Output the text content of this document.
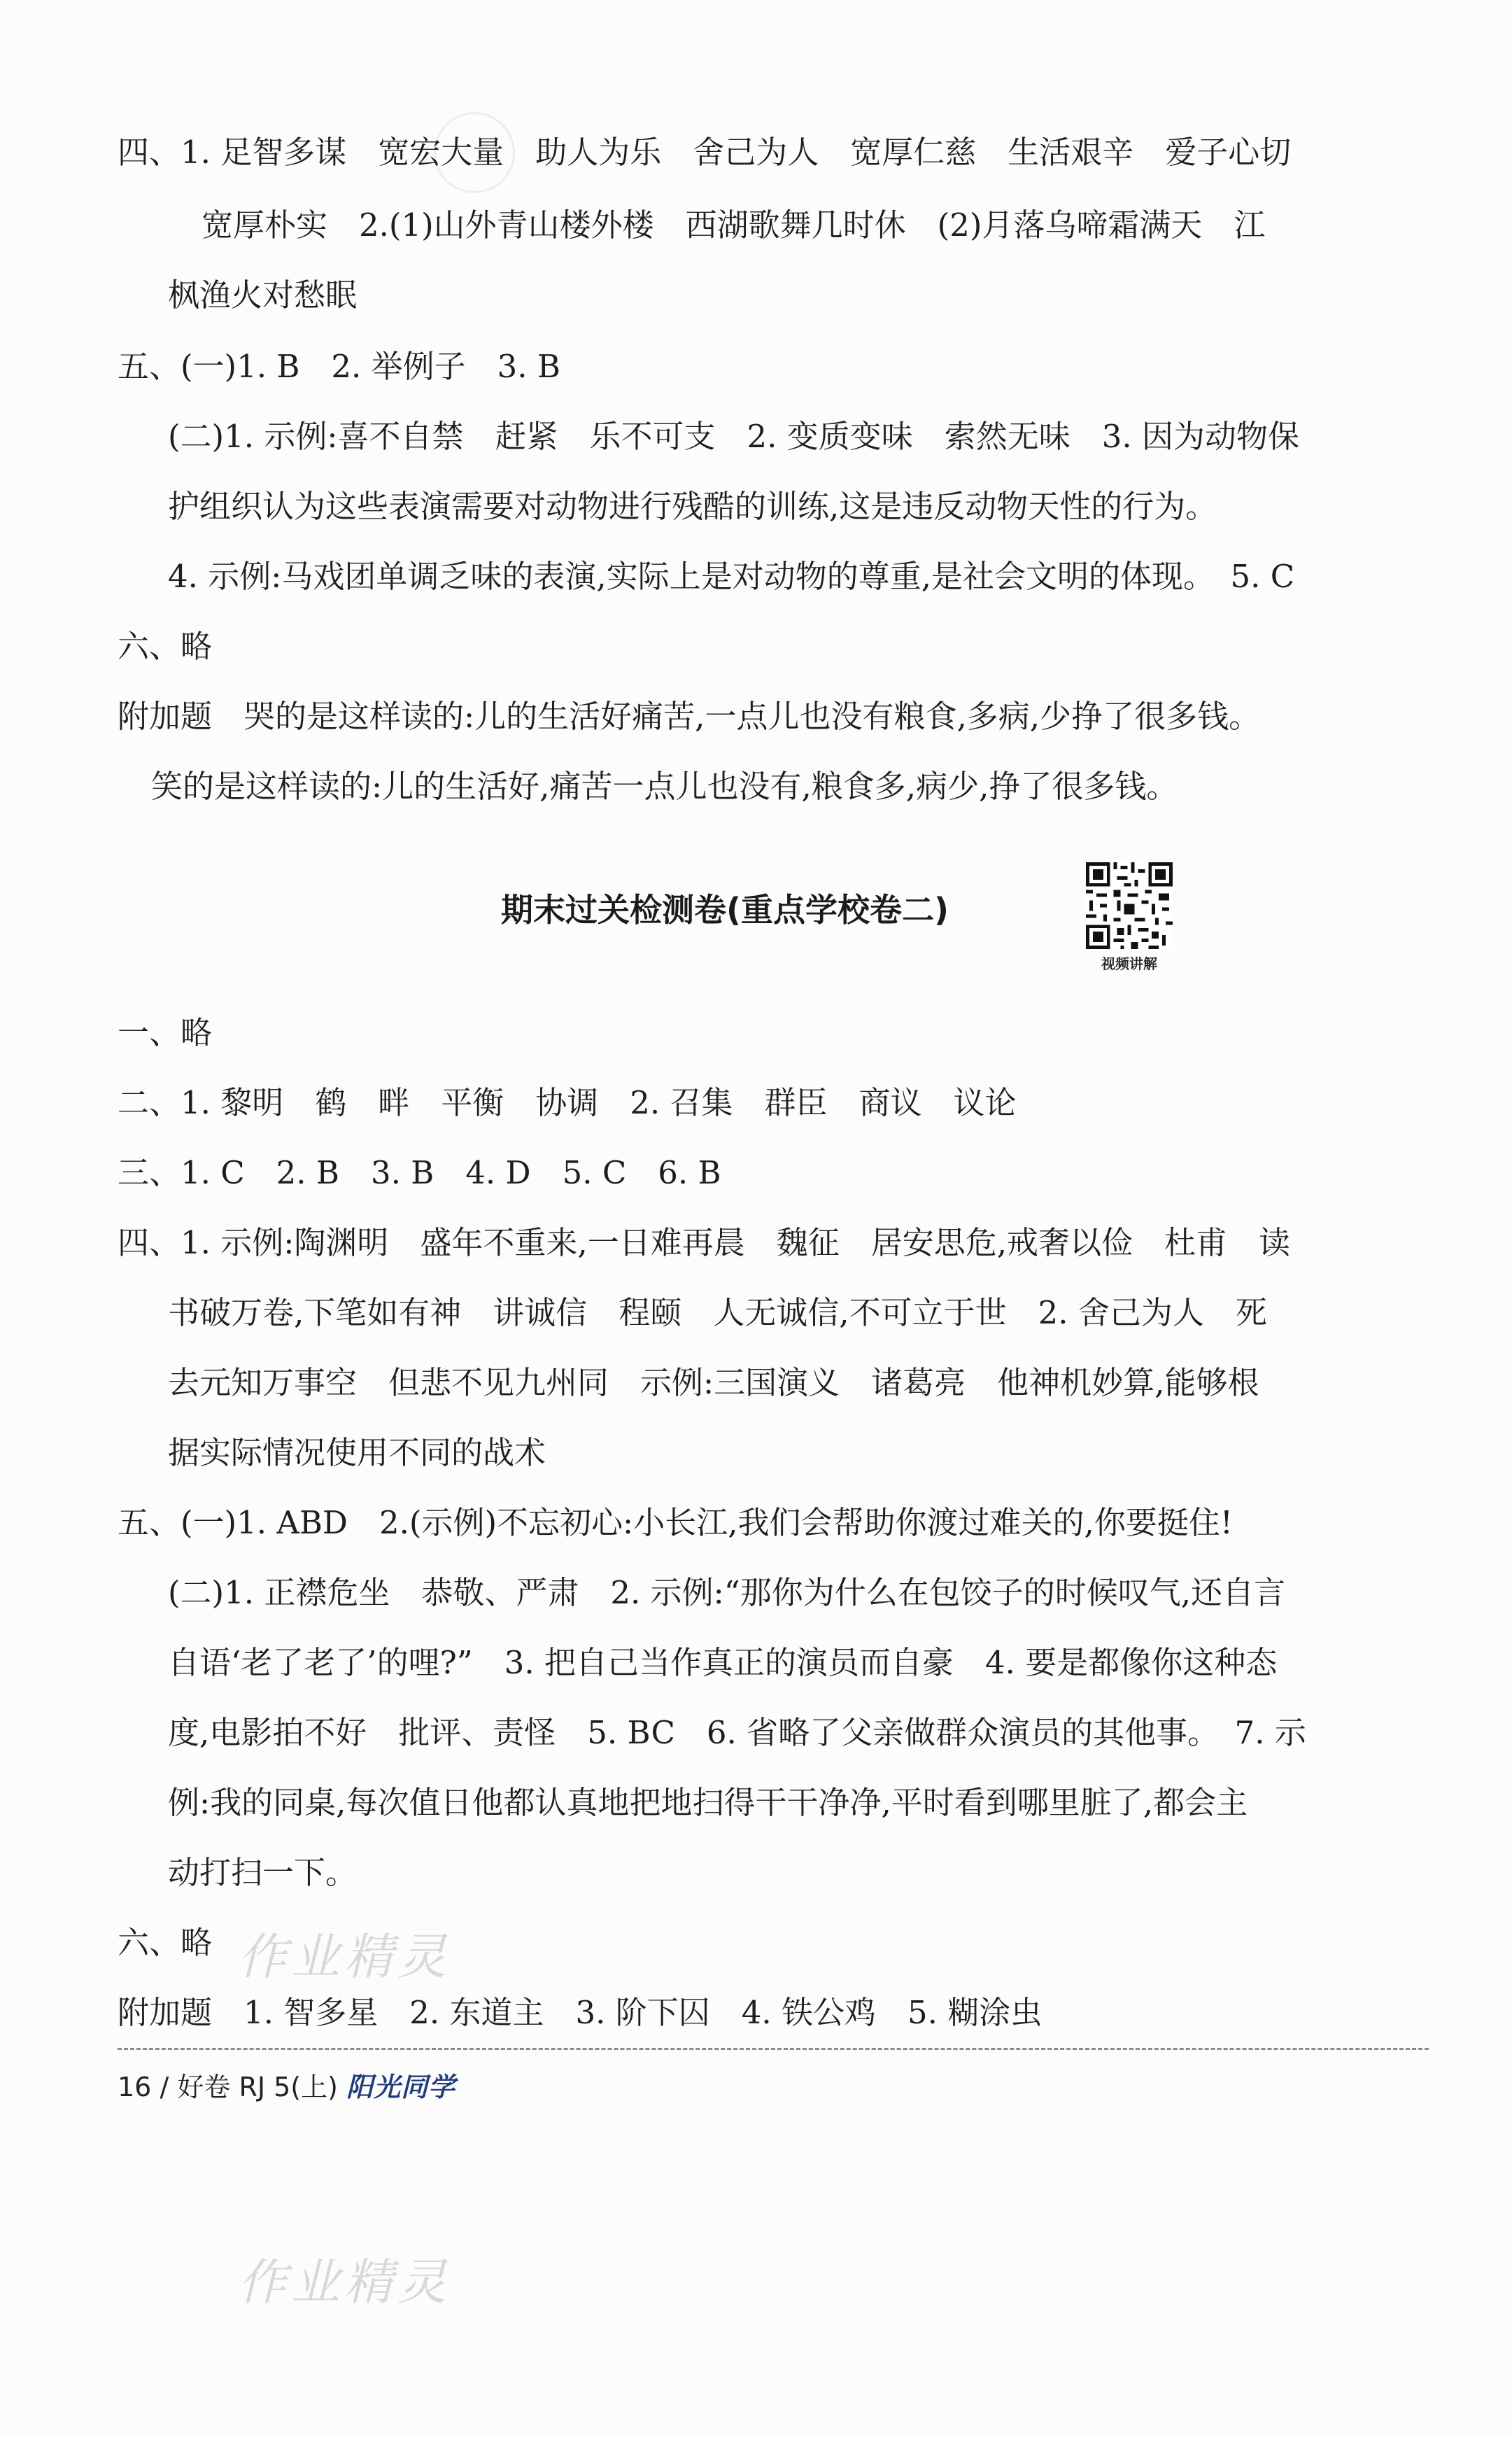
作业精灵
作业精灵
四、1. 足智多谋　宽宏大量　助人为乐　舍己为人　宽厚仁慈　生活艰辛　爱子心切
宽厚朴实　2.(1)山外青山楼外楼　西湖歌舞几时休　(2)月落乌啼霜满天　江
枫渔火对愁眠
五、(一)1. B　2. 举例子　3. B
(二)1. 示例:喜不自禁　赶紧　乐不可支　2. 变质变味　索然无味　3. 因为动物保
护组织认为这些表演需要对动物进行残酷的训练,这是违反动物天性的行为。
4. 示例:马戏团单调乏味的表演,实际上是对动物的尊重,是社会文明的体现。　5. C
六、略
附加题　哭的是这样读的:儿的生活好痛苦,一点儿也没有粮食,多病,少挣了很多钱。
笑的是这样读的:儿的生活好,痛苦一点儿也没有,粮食多,病少,挣了很多钱。
期末过关检测卷(重点学校卷二)
视频讲解
一、略
二、1. 黎明　鹤　畔　平衡　协调　2. 召集　群臣　商议　议论
三、1. C　2. B　3. B　4. D　5. C　6. B
四、1. 示例:陶渊明　盛年不重来,一日难再晨　魏征　居安思危,戒奢以俭　杜甫　读
书破万卷,下笔如有神　讲诚信　程颐　人无诚信,不可立于世　2. 舍己为人　死
去元知万事空　但悲不见九州同　示例:三国演义　诸葛亮　他神机妙算,能够根
据实际情况使用不同的战术
五、(一)1. ABD　2.(示例)不忘初心:小长江,我们会帮助你渡过难关的,你要挺住!
(二)1. 正襟危坐　恭敬、严肃　2. 示例:“那你为什么在包饺子的时候叹气,还自言
自语‘老了老了’的哩?”　3. 把自己当作真正的演员而自豪　4. 要是都像你这种态
度,电影拍不好　批评、责怪　5. BC　6. 省略了父亲做群众演员的其他事。　7. 示
例:我的同桌,每次值日他都认真地把地扫得干干净净,平时看到哪里脏了,都会主
动打扫一下。
六、略
附加题　1. 智多星　2. 东道主　3. 阶下囚　4. 铁公鸡　5. 糊涂虫
16 / 好卷 RJ 5(上) 阳光同学
